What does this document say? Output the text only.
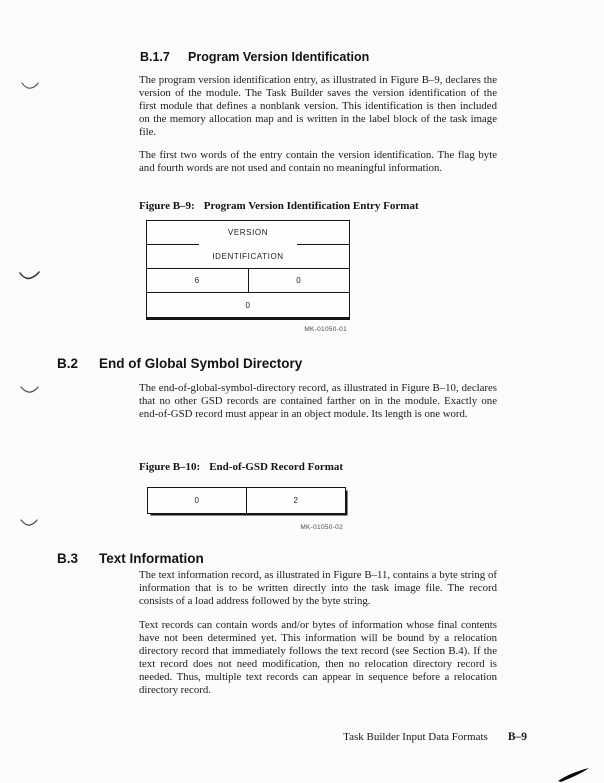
B.1.7 Program Version Identification

The program version identification entry, as illustrated in Figure B–9, declares the version of the module. The Task Builder saves the version identification of the first module that defines a nonblank version. This identification is then included on the memory allocation map and is written in the label block of the task image file.

The first two words of the entry contain the version identification. The flag byte and fourth words are not used and contain no meaningful information.

Figure B–9: Program Version Identification Entry Format
VERSION
IDENTIFICATION
6	0
0
MK-01050-01
B.2 End of Global Symbol Directory

The end-of-global-symbol-directory record, as illustrated in Figure B–10, declares that no other GSD records are contained farther on in the module. Exactly one end-of-GSD record must appear in an object module. Its length is one word.

Figure B–10: End-of-GSD Record Format
0	2
MK-01050-02
B.3 Text Information

The text information record, as illustrated in Figure B–11, contains a byte string of information that is to be written directly into the task image file. The record consists of a load address followed by the byte string.

Text records can contain words and/or bytes of information whose final contents have not been determined yet. This information will be bound by a relocation directory record that immediately follows the text record (see Section B.4). If the text record does not need modification, then no relocation directory record is needed. Thus, multiple text records can appear in sequence before a relocation directory record.

Task Builder Input Data Formats B–9
